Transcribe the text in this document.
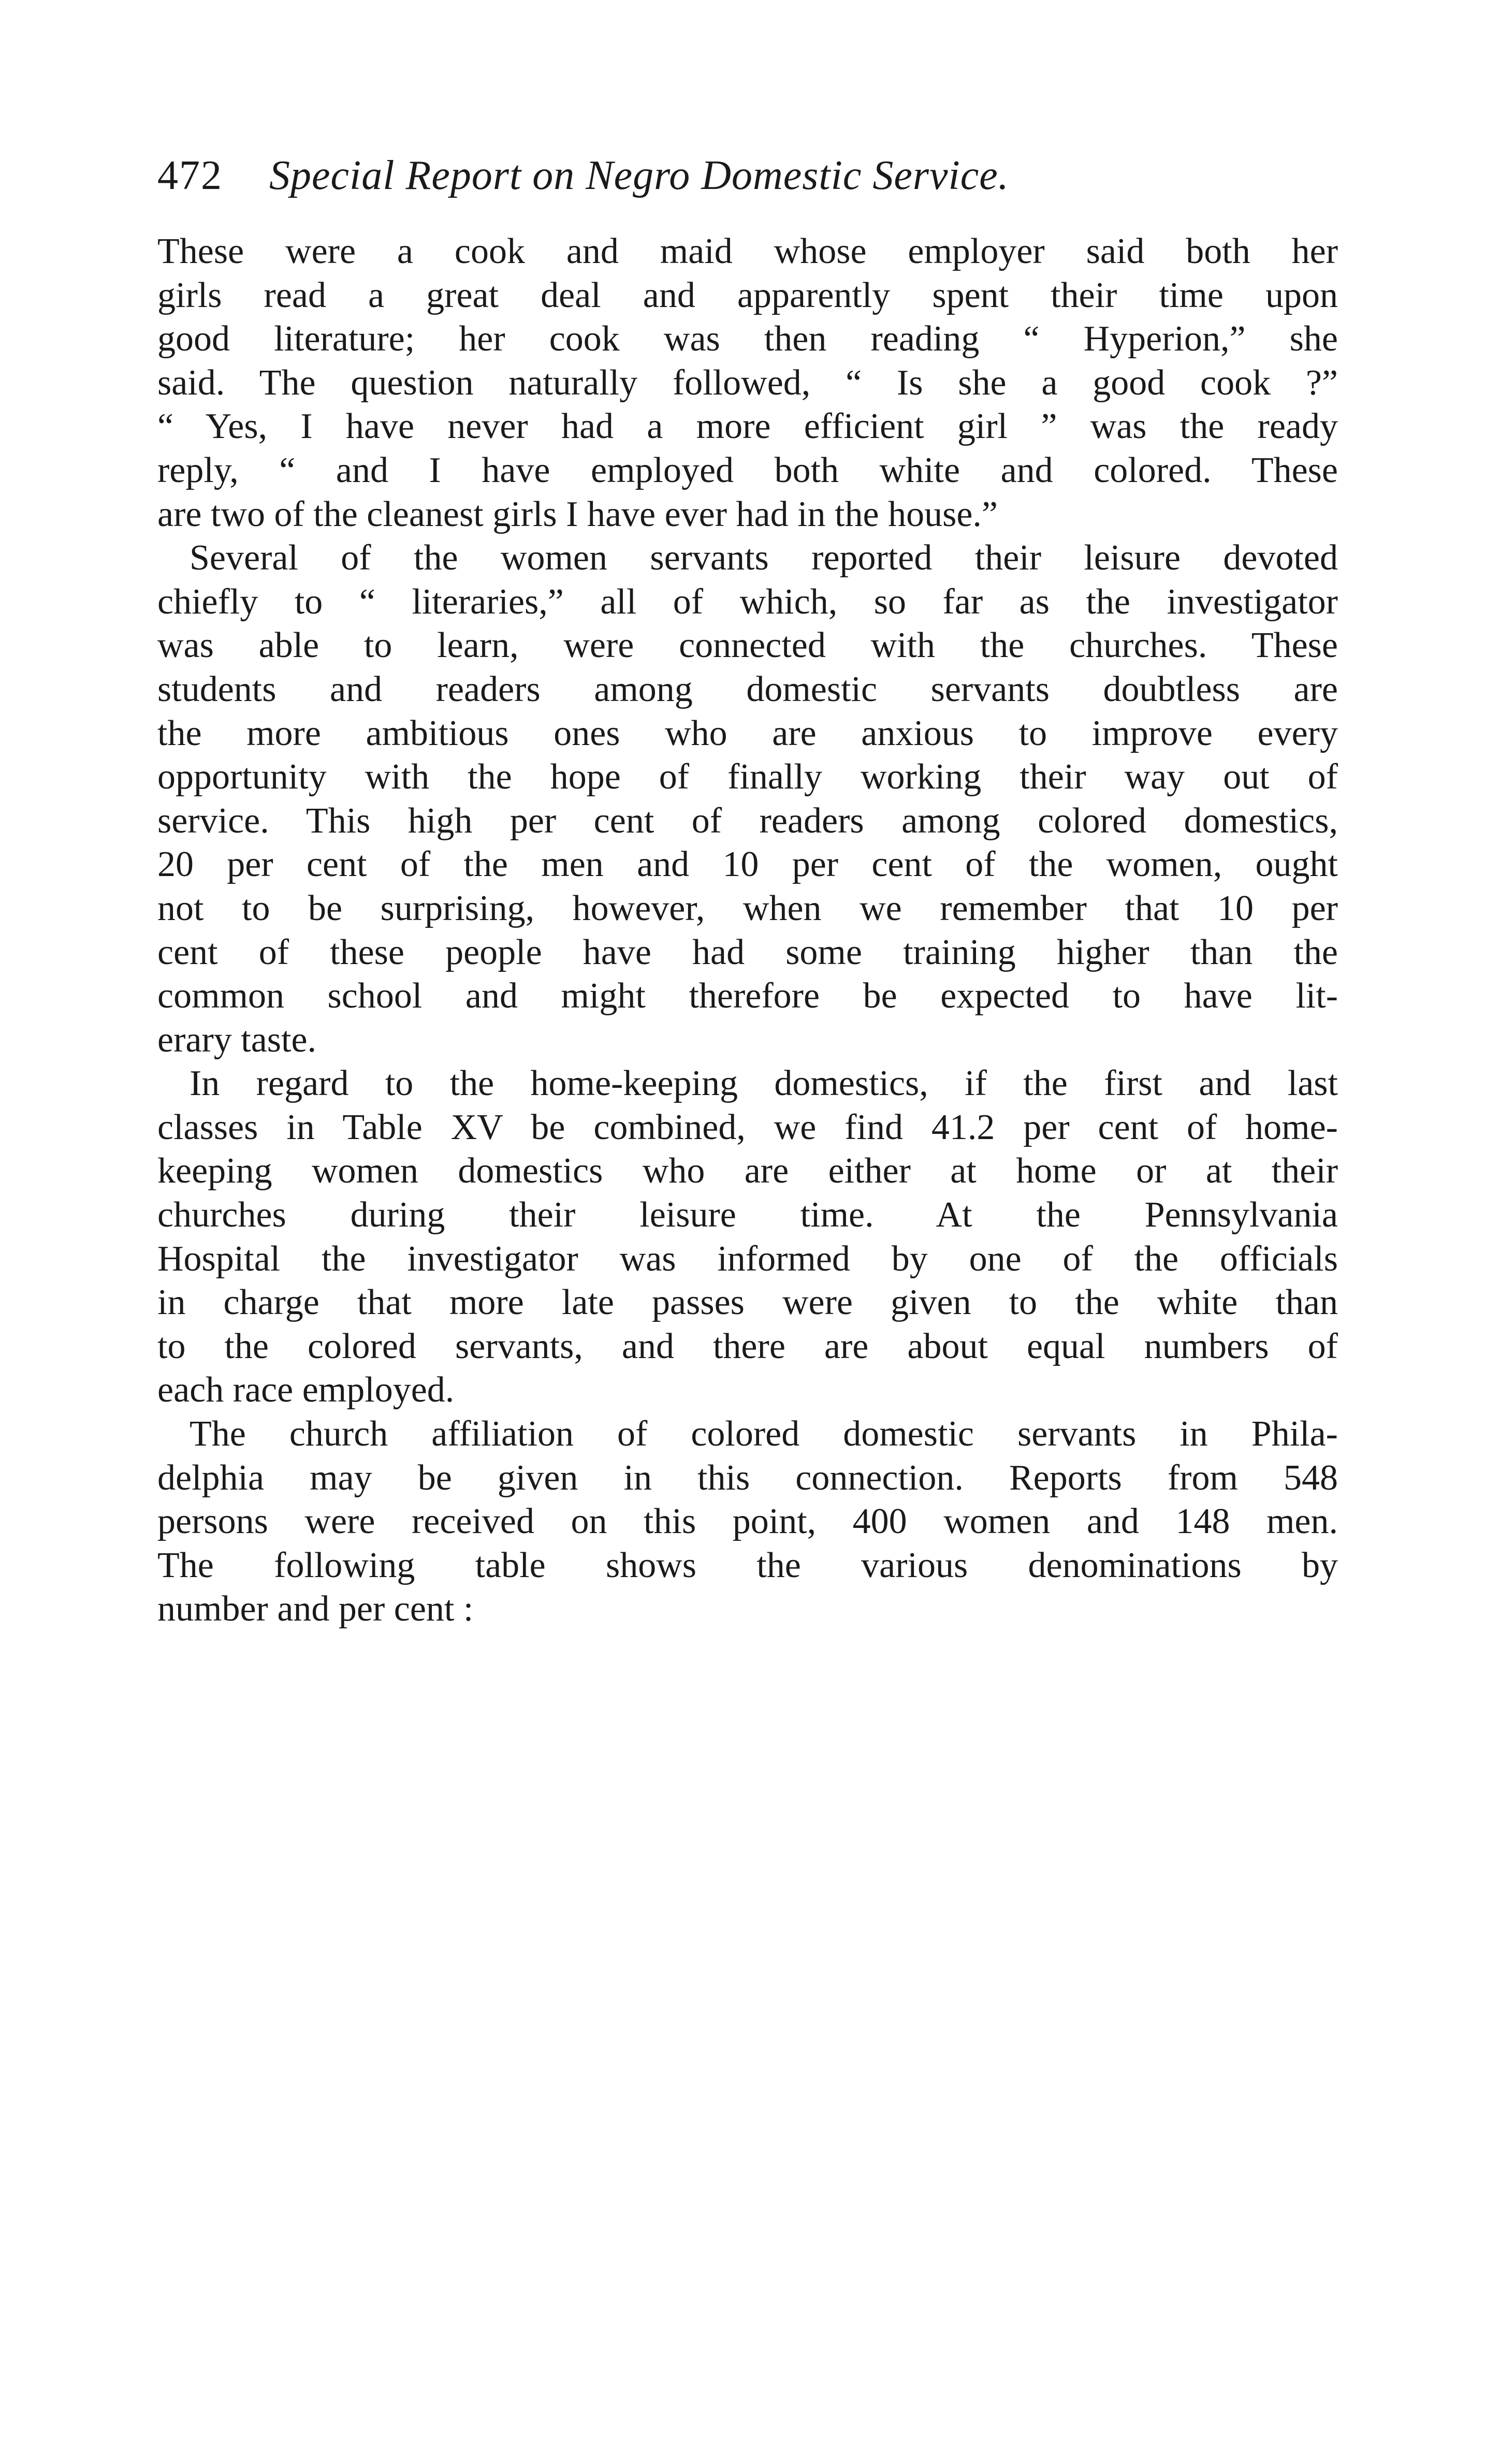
472 Special Report on Negro Domestic Service.
These were a cook and maid whose employer said both her
girls read a great deal and apparently spent their time upon
good literature; her cook was then reading “ Hyperion,” she
said. The question naturally followed, “ Is she a good cook ?”
“ Yes, I have never had a more efficient girl ” was the ready
reply, “ and I have employed both white and colored. These
are two of the cleanest girls I have ever had in the house.”
Several of the women servants reported their leisure devoted
chiefly to “ literaries,” all of which, so far as the investigator
was able to learn, were connected with the churches. These
students and readers among domestic servants doubtless are
the more ambitious ones who are anxious to improve every
opportunity with the hope of finally working their way out of
service. This high per cent of readers among colored domestics,
20 per cent of the men and 10 per cent of the women, ought
not to be surprising, however, when we remember that 10 per
cent of these people have had some training higher than the
common school and might therefore be expected to have lit-
erary taste.
In regard to the home-keeping domestics, if the first and last
classes in Table XV be combined, we find 41.2 per cent of home-
keeping women domestics who are either at home or at their
churches during their leisure time. At the Pennsylvania
Hospital the investigator was informed by one of the officials
in charge that more late passes were given to the white than
to the colored servants, and there are about equal numbers of
each race employed.
The church affiliation of colored domestic servants in Phila-
delphia may be given in this connection. Reports from 548
persons were received on this point, 400 women and 148 men.
The following table shows the various denominations by
number and per cent :
